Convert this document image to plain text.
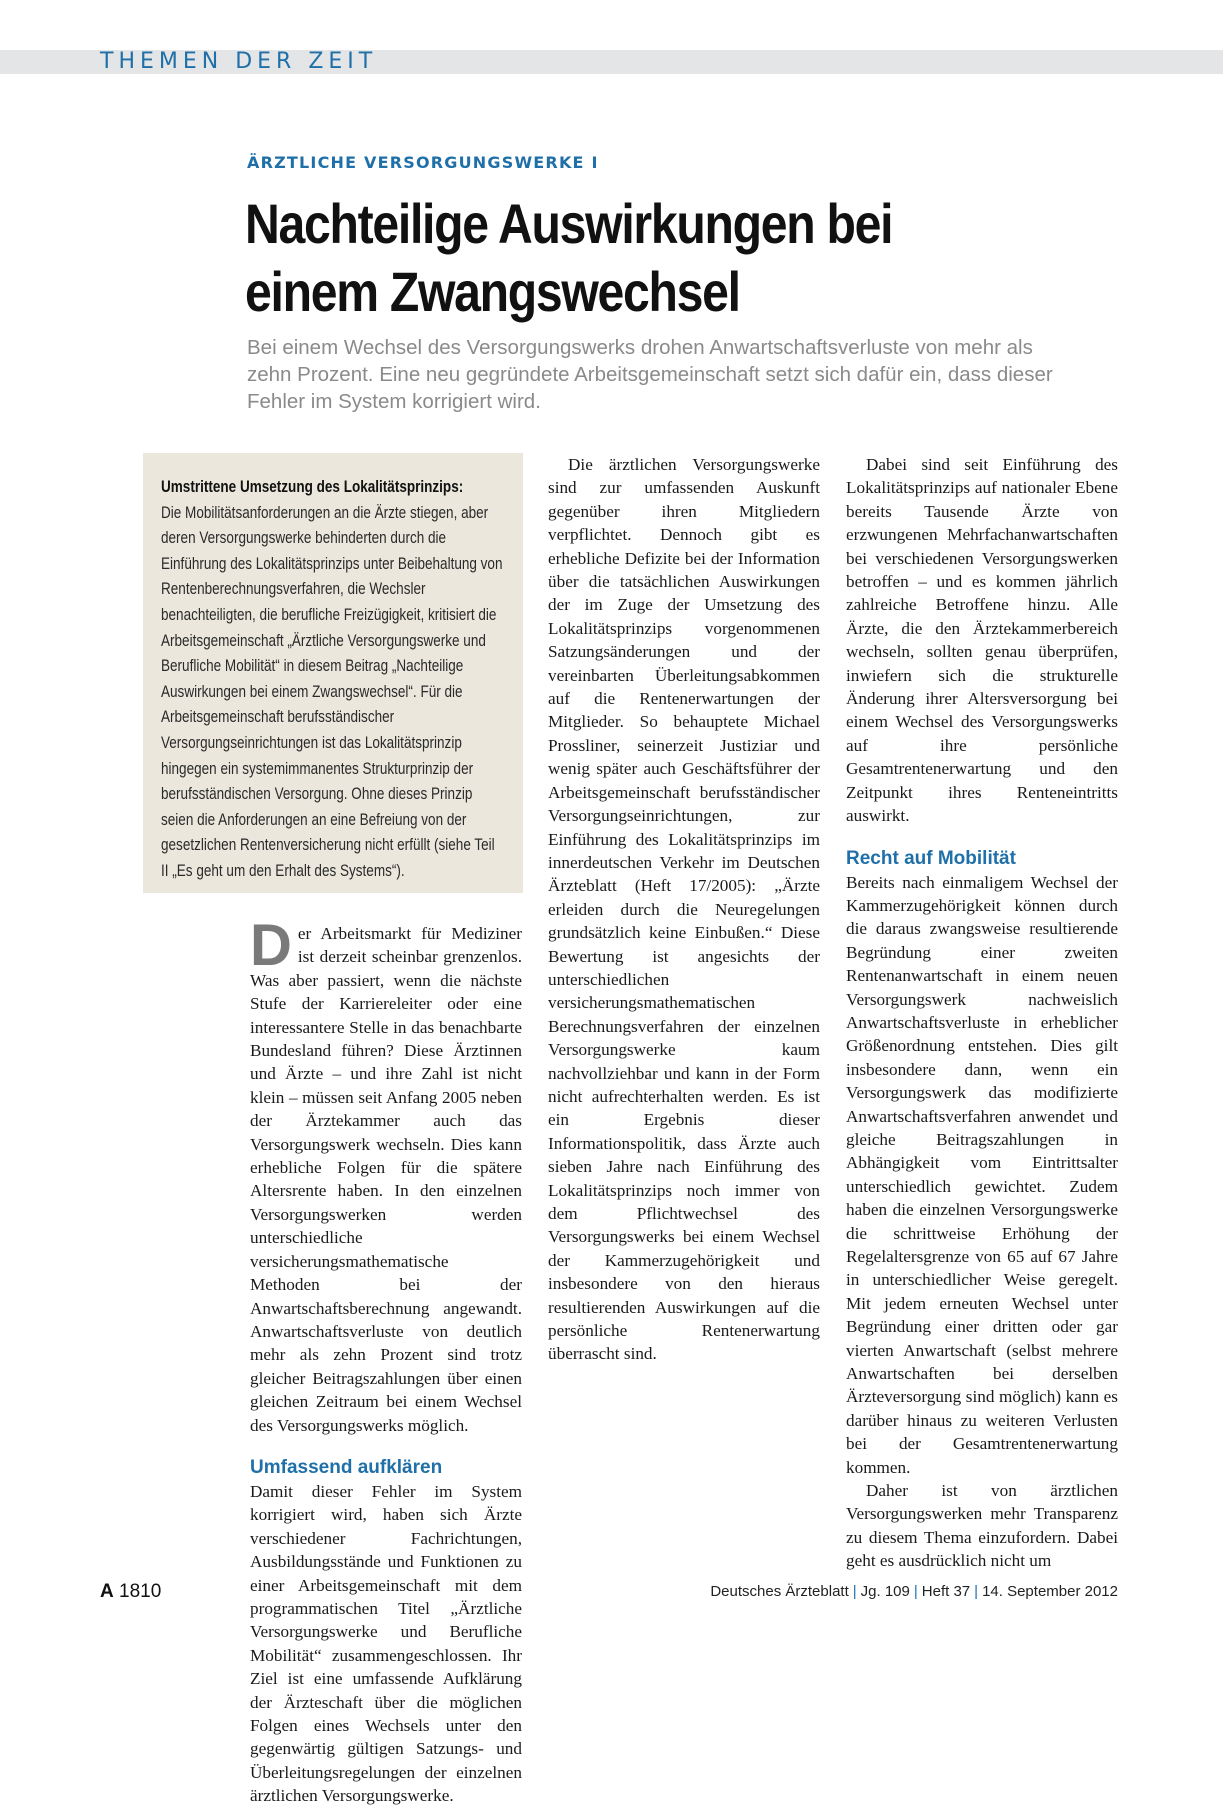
THEMEN DER ZEIT
ÄRZTLICHE VERSORGUNGSWERKE I
Nachteilige Auswirkungen bei
einem Zwangswechsel
Bei einem Wechsel des Versorgungswerks drohen Anwartschaftsverluste von mehr als zehn Prozent. Eine neu gegründete Arbeitsgemeinschaft setzt sich dafür ein, dass dieser Fehler im System korrigiert wird.
Umstrittene Umsetzung des Lokalitätsprinzips:
Die Mobilitätsanforderungen an die Ärzte stiegen, aber deren Versorgungswerke behinderten durch die Einführung des Lokalitätsprinzips unter Beibehaltung von Rentenberechnungsverfahren, die Wechsler benachteiligten, die berufliche Freizügigkeit, kritisiert die Arbeitsgemeinschaft „Ärztliche Versorgungswerke und Berufliche Mobilität“ in diesem Beitrag „Nachteilige Auswirkungen bei einem Zwangswechsel“. Für die Arbeitsgemeinschaft berufsständischer Versorgungseinrichtungen ist das Lokalitätsprinzip hingegen ein systemimmanentes Strukturprinzip der berufsständischen Versorgung. Ohne dieses Prinzip seien die Anforderungen an eine Befreiung von der gesetzlichen Rentenversicherung nicht erfüllt (siehe Teil II „Es geht um den Erhalt des Systems“).

Der Arbeitsmarkt für Mediziner ist derzeit scheinbar grenzenlos. Was aber passiert, wenn die nächste Stufe der Karriereleiter oder eine interessantere Stelle in das benachbarte Bundesland führen? Diese Ärztinnen und Ärzte – und ihre Zahl ist nicht klein – müssen seit Anfang 2005 neben der Ärztekammer auch das Versorgungswerk wechseln. Dies kann erhebliche Folgen für die spätere Altersrente haben. In den einzelnen Versorgungswerken werden unterschiedliche versicherungsmathematische Methoden bei der Anwartschaftsberechnung angewandt. Anwartschaftsverluste von deutlich mehr als zehn Prozent sind trotz gleicher Beitragszahlungen über einen gleichen Zeitraum bei einem Wechsel des Versorgungswerks möglich.

Umfassend aufklären

Damit dieser Fehler im System korrigiert wird, haben sich Ärzte verschiedener Fachrichtungen, Ausbildungsstände und Funktionen zu einer Arbeitsgemeinschaft mit dem programmatischen Titel „Ärztliche Versorgungswerke und Berufliche Mobilität“ zusammengeschlossen. Ihr Ziel ist eine umfassende Aufklärung der Ärzteschaft über die möglichen Folgen eines Wechsels unter den gegenwärtig gültigen Satzungs- und Überleitungsregelungen der einzelnen ärztlichen Versorgungswerke.

Die ärztlichen Versorgungswerke sind zur umfassenden Auskunft gegenüber ihren Mitgliedern verpflichtet. Dennoch gibt es erhebliche Defizite bei der Information über die tatsächlichen Auswirkungen der im Zuge der Umsetzung des Lokalitätsprinzips vorgenommenen Satzungsänderungen und der vereinbarten Überleitungsabkommen auf die Rentenerwartungen der Mitglieder. So behauptete Michael Prossliner, seinerzeit Justiziar und wenig später auch Geschäftsführer der Arbeitsgemeinschaft berufsständischer Versorgungseinrichtungen, zur Einführung des Lokalitätsprinzips im innerdeutschen Verkehr im Deutschen Ärzteblatt (Heft 17/2005): „Ärzte erleiden durch die Neuregelungen grundsätzlich keine Einbußen.“ Diese Bewertung ist angesichts der unterschiedlichen versicherungsmathematischen Berechnungsverfahren der einzelnen Versorgungswerke kaum nachvollziehbar und kann in der Form nicht aufrechterhalten werden. Es ist ein Ergebnis dieser Informationspolitik, dass Ärzte auch sieben Jahre nach Einführung des Lokalitätsprinzips noch immer von dem Pflichtwechsel des Versorgungswerks bei einem Wechsel der Kammerzugehörigkeit und insbesondere von den hieraus resultierenden Auswirkungen auf die persönliche Rentenerwartung überrascht sind.

Dabei sind seit Einführung des Lokalitätsprinzips auf nationaler Ebene bereits Tausende Ärzte von erzwungenen Mehrfachanwartschaften bei verschiedenen Versorgungswerken betroffen – und es kommen jährlich zahlreiche Betroffene hinzu. Alle Ärzte, die den Ärztekammerbereich wechseln, sollten genau überprüfen, inwiefern sich die strukturelle Änderung ihrer Altersversorgung bei einem Wechsel des Versorgungswerks auf ihre persönliche Gesamtrentenerwartung und den Zeitpunkt ihres Renteneintritts auswirkt.

Recht auf Mobilität

Bereits nach einmaligem Wechsel der Kammerzugehörigkeit können durch die daraus zwangsweise resultierende Begründung einer zweiten Rentenanwartschaft in einem neuen Versorgungswerk nachweislich Anwartschaftsverluste in erheblicher Größenordnung entstehen. Dies gilt insbesondere dann, wenn ein Versorgungswerk das modifizierte Anwartschaftsverfahren anwendet und gleiche Beitragszahlungen in Abhängigkeit vom Eintrittsalter unterschiedlich gewichtet. Zudem haben die einzelnen Versorgungswerke die schrittweise Erhöhung der Regelaltersgrenze von 65 auf 67 Jahre in unterschiedlicher Weise geregelt. Mit jedem erneuten Wechsel unter Begründung einer dritten oder gar vierten Anwartschaft (selbst mehrere Anwartschaften bei derselben Ärzteversorgung sind möglich) kann es darüber hinaus zu weiteren Verlusten bei der Gesamtrentenerwartung kommen.

Daher ist von ärztlichen Versorgungswerken mehr Transparenz zu diesem Thema einzufordern. Dabei geht es ausdrücklich nicht um

A 1810	Deutsches Ärzteblatt | Jg. 109 | Heft 37 | 14. September 2012
